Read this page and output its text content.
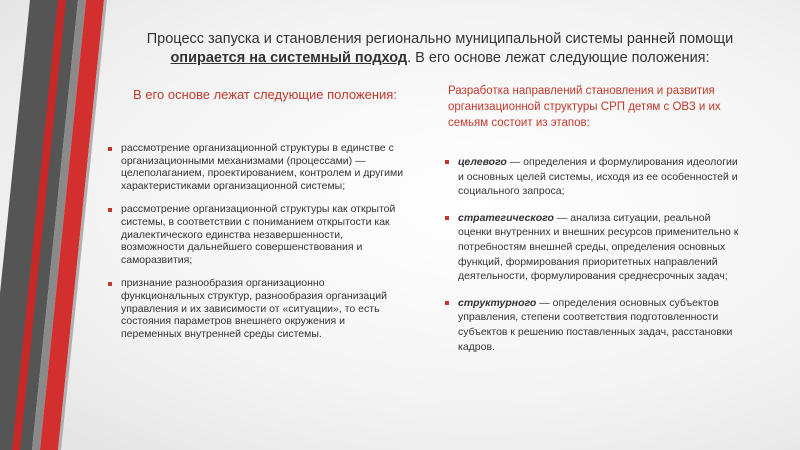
Процесс запуска и становления регионально муниципальной системы ранней помощи опирается на системный подход. В его основе лежат следующие положения:
В его основе лежат следующие положения:	Разработка направлений становления и развития организационной структуры СРП детям с ОВЗ и их семьям состоит из этапов:
рассмотрение организационной структуры в единстве с организационными механизмами (процессами) — целеполаганием, проектированием, контролем и другими характеристиками организационной системы;
рассмотрение организационной структуры как открытой системы, в соответствии с пониманием открытости как диалектического единства незавершенности, возможности дальнейшего совершенствования и саморазвития;
признание разнообразия организационно функциональных структур, разнообразия организаций управления и их зависимости от «ситуации», то есть состояния параметров внешнего окружения и переменных внутренней среды системы.
целевого — определения и формулирования идеологии и основных целей системы, исходя из ее особенностей и социального запроса;
стратегического — анализа ситуации, реальной оценки внутренних и внешних ресурсов применительно к потребностям внешней среды, определения основных функций, формирования приоритетных направлений деятельности, формулирования среднесрочных задач;
структурного — определения основных субъектов управления, степени соответствия подготовленности субъектов к решению поставленных задач, расстановки кадров.
